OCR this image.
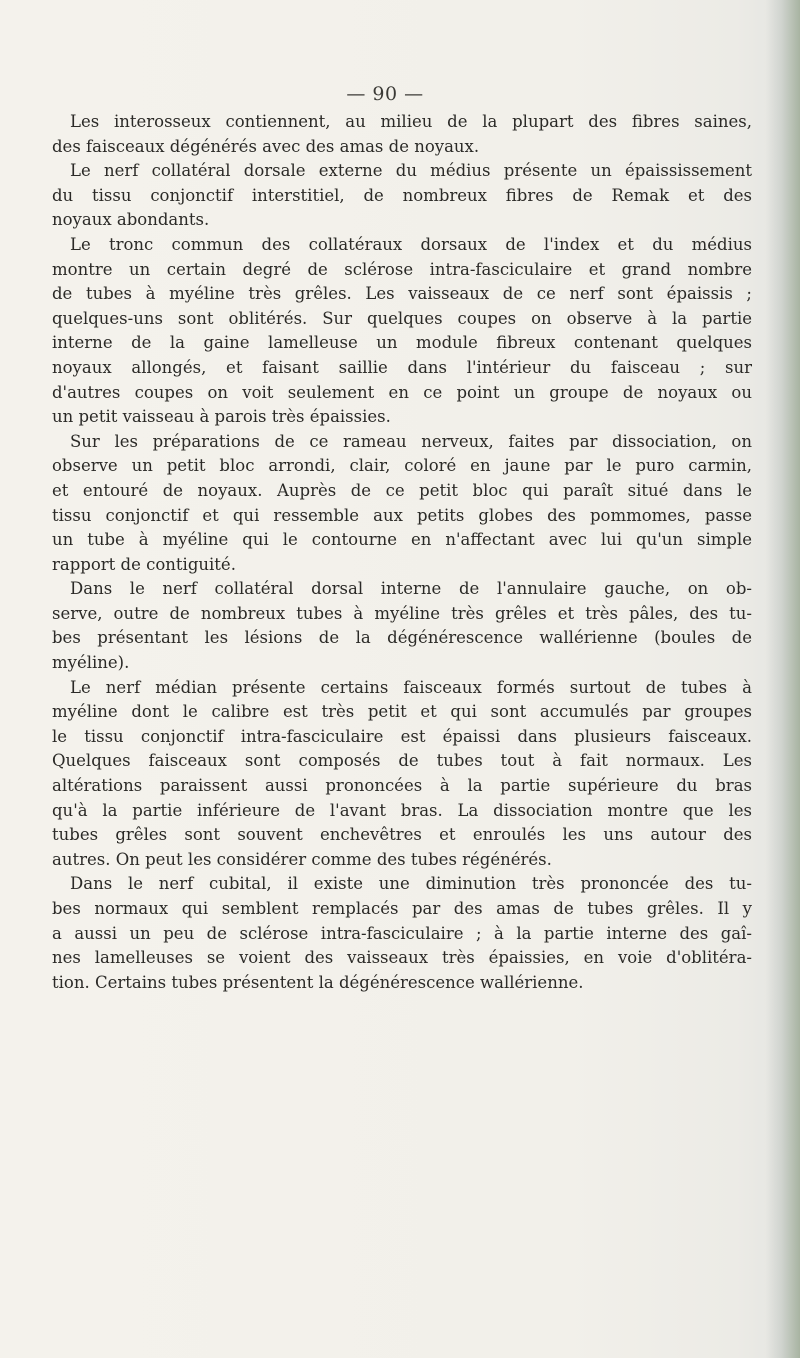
— 90 —
Les interosseux contiennent, au milieu de la plupart des fibres saines,
des faisceaux dégénérés avec des amas de noyaux.
Le nerf collatéral dorsale externe du médius présente un épaississement
du tissu conjonctif interstitiel, de nombreux fibres de Remak et des
noyaux abondants.
Le tronc commun des collatéraux dorsaux de l'index et du médius
montre un certain degré de sclérose intra-fasciculaire et grand nombre
de tubes à myéline très grêles. Les vaisseaux de ce nerf sont épaissis ;
quelques-uns sont oblitérés. Sur quelques coupes on observe à la partie
interne de la gaine lamelleuse un module fibreux contenant quelques
noyaux allongés, et faisant saillie dans l'intérieur du faisceau ; sur
d'autres coupes on voit seulement en ce point un groupe de noyaux ou
un petit vaisseau à parois très épaissies.
Sur les préparations de ce rameau nerveux, faites par dissociation, on
observe un petit bloc arrondi, clair, coloré en jaune par le puro carmin,
et entouré de noyaux. Auprès de ce petit bloc qui paraît situé dans le
tissu conjonctif et qui ressemble aux petits globes des pommomes, passe
un tube à myéline qui le contourne en n'affectant avec lui qu'un simple
rapport de contiguité.
Dans le nerf collatéral dorsal interne de l'annulaire gauche, on ob-
serve, outre de nombreux tubes à myéline très grêles et très pâles, des tu-
bes présentant les lésions de la dégénérescence wallérienne (boules de
myéline).
Le nerf médian présente certains faisceaux formés surtout de tubes à
myéline dont le calibre est très petit et qui sont accumulés par groupes
le tissu conjonctif intra-fasciculaire est épaissi dans plusieurs faisceaux.
Quelques faisceaux sont composés de tubes tout à fait normaux. Les
altérations paraissent aussi prononcées à la partie supérieure du bras
qu'à la partie inférieure de l'avant bras. La dissociation montre que les
tubes grêles sont souvent enchevêtres et enroulés les uns autour des
autres. On peut les considérer comme des tubes régénérés.
Dans le nerf cubital, il existe une diminution très prononcée des tu-
bes normaux qui semblent remplacés par des amas de tubes grêles. Il y
a aussi un peu de sclérose intra-fasciculaire ; à la partie interne des gaî-
nes lamelleuses se voient des vaisseaux très épaissies, en voie d'oblitéra-
tion. Certains tubes présentent la dégénérescence wallérienne.
